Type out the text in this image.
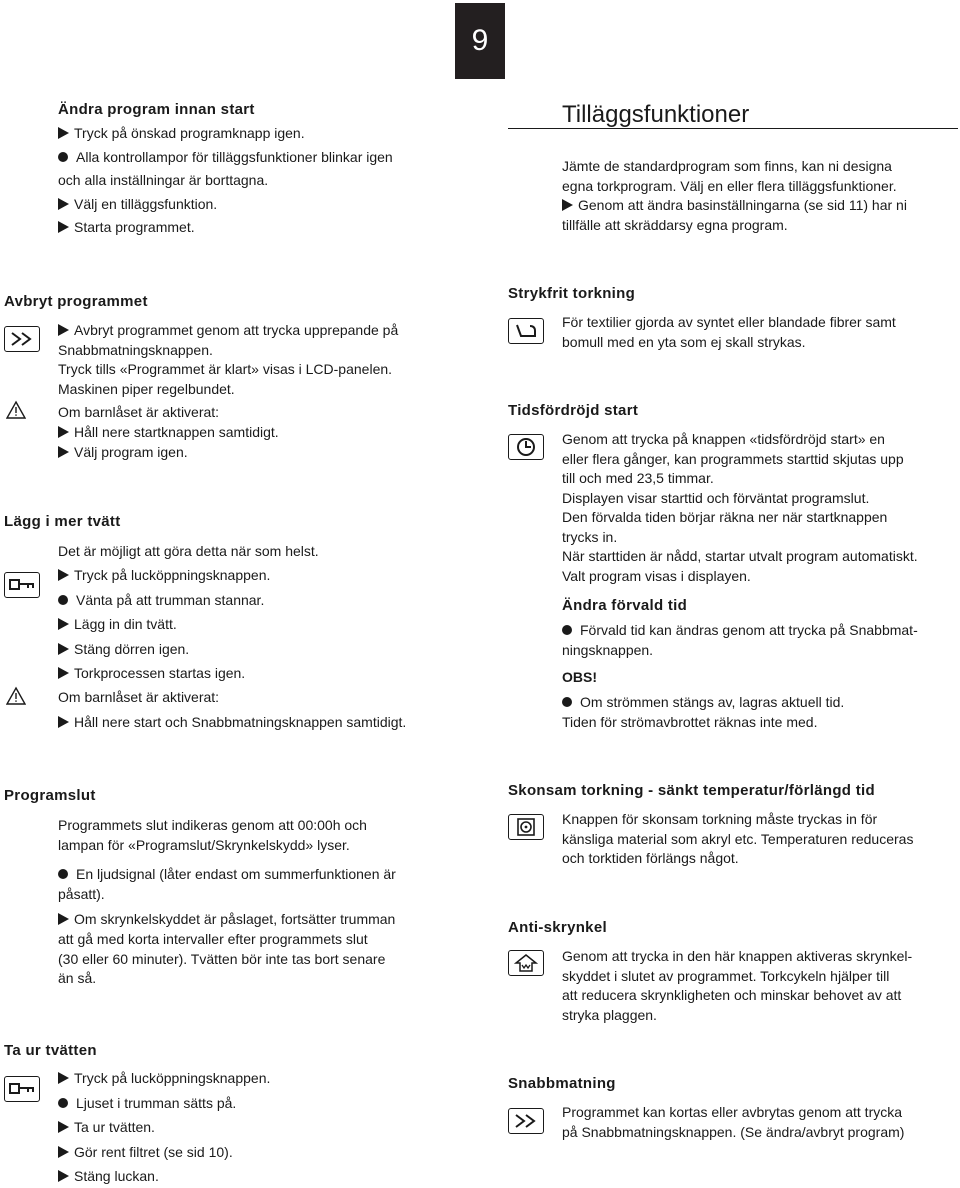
9
Ändra program innan start
Tryck på önskad programknapp igen.
Alla kontrollampor för tilläggsfunktioner blinkar igen
och alla inställningar är borttagna.
Välj en tilläggsfunktion.
Starta programmet.
Tilläggsfunktioner
Jämte de standardprogram som finns, kan ni designa
egna torkprogram. Välj en eller flera tilläggsfunktioner.
Genom att ändra basinställningarna (se sid 11) har ni
tillfälle att skräddarsy egna program.
Avbryt programmet
Avbryt programmet genom att trycka upprepande på
Snabbmatningsknappen.
Tryck tills «Programmet är klart» visas i LCD-panelen.
Maskinen piper regelbundet.
Om barnlåset är aktiverat:
Håll nere startknappen samtidigt.
Välj program igen.
Lägg i mer tvätt
Det är möjligt att göra detta när som helst.
Tryck på lucköppningsknappen.
Vänta på att trumman stannar.
Lägg in din tvätt.
Stäng dörren igen.
Torkprocessen startas igen.
Om barnlåset är aktiverat:
Håll nere start och Snabbmatningsknappen samtidigt.
Strykfrit torkning
För textilier gjorda av syntet eller blandade fibrer samt
bomull med en yta som ej skall strykas.
Tidsfördröjd start
Genom att trycka på knappen «tidsfördröjd start» en
eller flera gånger, kan programmets starttid skjutas upp
till och med 23,5 timmar.
Displayen visar starttid och förväntat programslut.
Den förvalda tiden börjar räkna ner när startknappen
trycks in.
När starttiden är nådd, startar utvalt program automatiskt.
Valt program visas i displayen.
Ändra förvald tid
Förvald tid kan ändras genom att trycka på Snabbmat-
ningsknappen.
OBS!
Om strömmen stängs av, lagras aktuell tid.
Tiden för strömavbrottet räknas inte med.
Programslut
Programmets slut indikeras genom att 00:00h och
lampan för «Programslut/Skrynkelskydd» lyser.
En ljudsignal (låter endast om summerfunktionen är
påsatt).
Om skrynkelskyddet är påslaget, fortsätter trumman
att gå med korta intervaller efter programmets slut
(30 eller 60 minuter). Tvätten bör inte tas bort senare
än så.
Ta ur tvätten
Tryck på lucköppningsknappen.
Ljuset i trumman sätts på.
Ta ur tvätten.
Gör rent filtret (se sid 10).
Stäng luckan.
Skonsam torkning - sänkt temperatur/förlängd tid
Knappen för skonsam torkning måste tryckas in för
känsliga material som akryl etc. Temperaturen reduceras
och torktiden förlängs något.
Anti-skrynkel
Genom att trycka in den här knappen aktiveras skrynkel-
skyddet i slutet av programmet. Torkcykeln hjälper till
att reducera skrynkligheten och minskar behovet av att
stryka plaggen.
Snabbmatning
Programmet kan kortas eller avbrytas genom att trycka
på Snabbmatningsknappen. (Se ändra/avbryt program)
